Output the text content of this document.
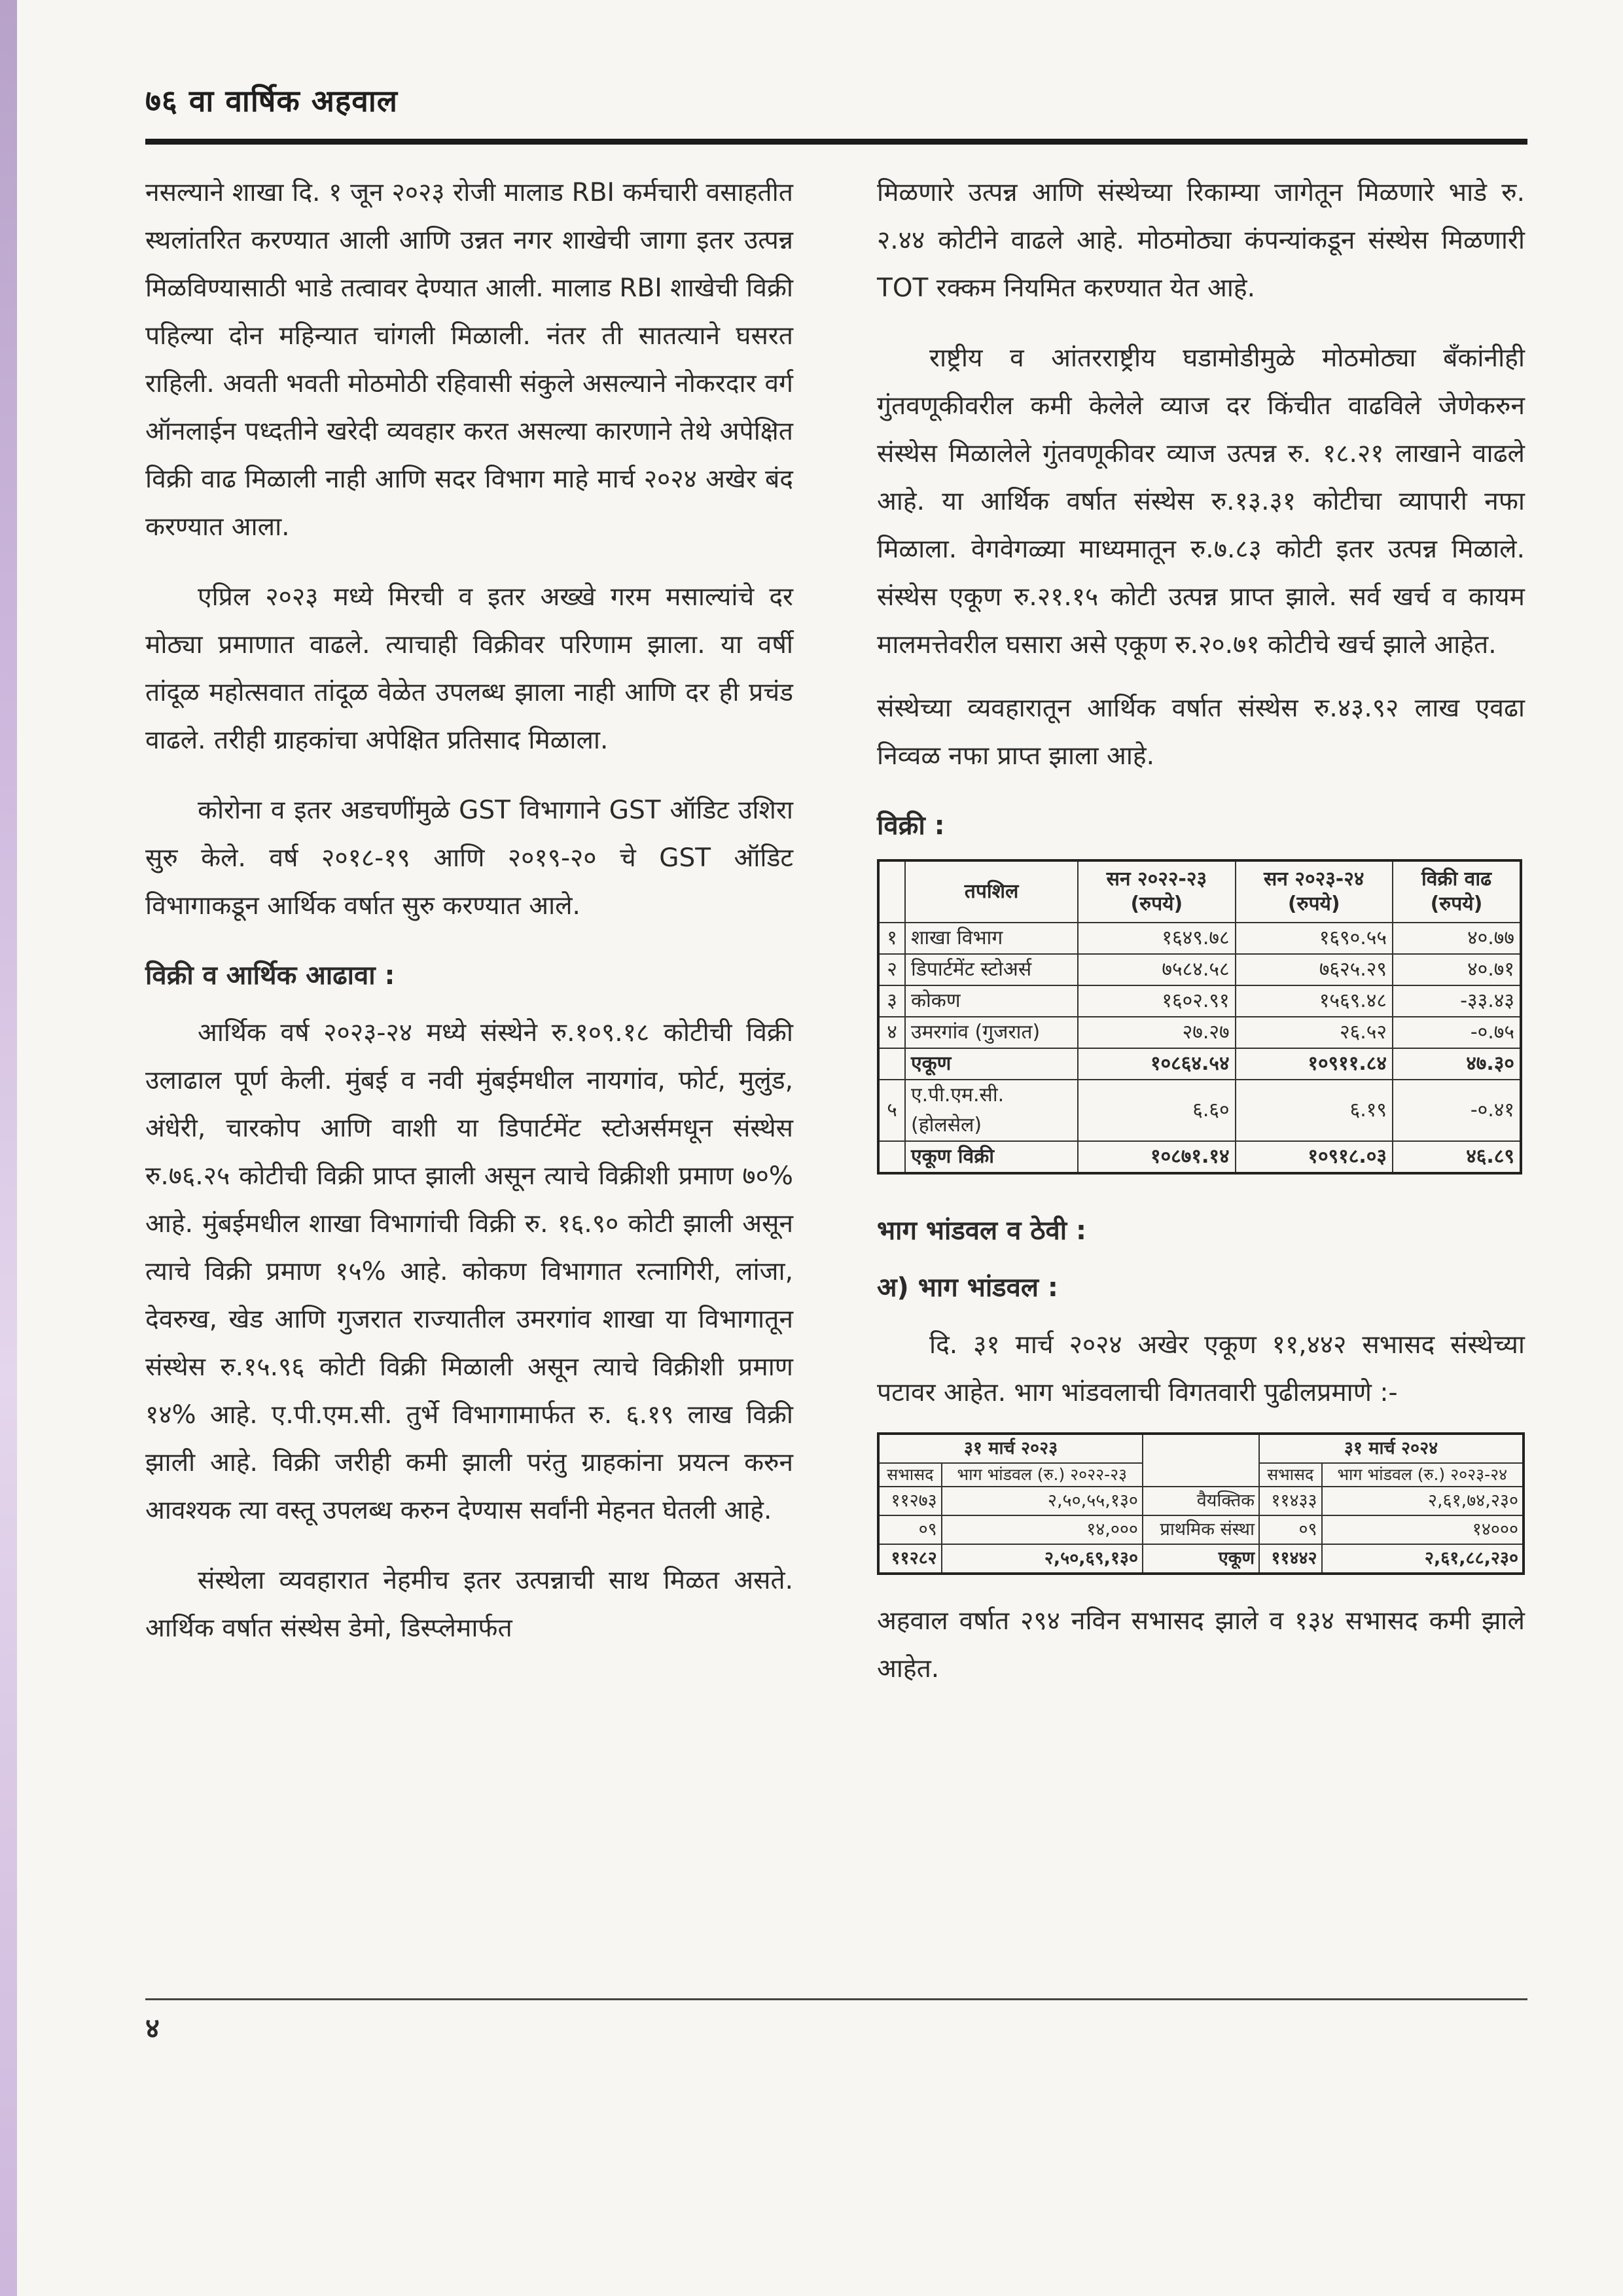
७६ वा वार्षिक अहवाल

नसल्याने शाखा दि. १ जून २०२३ रोजी मालाड RBI कर्मचारी वसाहतीत स्थलांतरित करण्यात आली आणि उन्नत नगर शाखेची जागा इतर उत्पन्न मिळविण्यासाठी भाडे तत्वावर देण्यात आली. मालाड RBI शाखेची विक्री पहिल्या दोन महिन्यात चांगली मिळाली. नंतर ती सातत्याने घसरत राहिली. अवती भवती मोठमोठी रहिवासी संकुले असल्याने नोकरदार वर्ग ऑनलाईन पध्दतीने खरेदी व्यवहार करत असल्या कारणाने तेथे अपेक्षित विक्री वाढ मिळाली नाही आणि सदर विभाग माहे मार्च २०२४ अखेर बंद करण्यात आला.

एप्रिल २०२३ मध्ये मिरची व इतर अख्खे गरम मसाल्यांचे दर मोठ्या प्रमाणात वाढले. त्याचाही विक्रीवर परिणाम झाला. या वर्षी तांदूळ महोत्सवात तांदूळ वेळेत उपलब्ध झाला नाही आणि दर ही प्रचंड वाढले. तरीही ग्राहकांचा अपेक्षित प्रतिसाद मिळाला.

कोरोना व इतर अडचणींमुळे GST विभागाने GST ऑडिट उशिरा सुरु केले. वर्ष २०१८-१९ आणि २०१९-२० चे GST ऑडिट विभागाकडून आर्थिक वर्षात सुरु करण्यात आले.

विक्री व आर्थिक आढावा :

आर्थिक वर्ष २०२३-२४ मध्ये संस्थेने रु.१०९.१८ कोटीची विक्री उलाढाल पूर्ण केली. मुंबई व नवी मुंबईमधील नायगांव, फोर्ट, मुलुंड, अंधेरी, चारकोप आणि वाशी या डिपार्टमेंट स्टोअर्समधून संस्थेस रु.७६.२५ कोटीची विक्री प्राप्त झाली असून त्याचे विक्रीशी प्रमाण ७०% आहे. मुंबईमधील शाखा विभागांची विक्री रु. १६.९० कोटी झाली असून त्याचे विक्री प्रमाण १५% आहे. कोकण विभागात रत्नागिरी, लांजा, देवरुख, खेड आणि गुजरात राज्यातील उमरगांव शाखा या विभागातून संस्थेस रु.१५.९६ कोटी विक्री मिळाली असून त्याचे विक्रीशी प्रमाण १४% आहे. ए.पी.एम.सी. तुर्भे विभागामार्फत रु. ६.१९ लाख विक्री झाली आहे. विक्री जरीही कमी झाली परंतु ग्राहकांना प्रयत्न करुन आवश्यक त्या वस्तू उपलब्ध करुन देण्यास सर्वांनी मेहनत घेतली आहे.

संस्थेला व्यवहारात नेहमीच इतर उत्पन्नाची साथ मिळत असते. आर्थिक वर्षात संस्थेस डेमो, डिस्प्लेमार्फत

मिळणारे उत्पन्न आणि संस्थेच्या रिकाम्या जागेतून मिळणारे भाडे रु. २.४४ कोटीने वाढले आहे. मोठमोठ्या कंपन्यांकडून संस्थेस मिळणारी TOT रक्कम नियमित करण्यात येत आहे.

राष्ट्रीय व आंतरराष्ट्रीय घडामोडीमुळे मोठमोठ्या बँकांनीही गुंतवणूकीवरील कमी केलेले व्याज दर किंचीत वाढविले जेणेकरुन संस्थेस मिळालेले गुंतवणूकीवर व्याज उत्पन्न रु. १८.२१ लाखाने वाढले आहे. या आर्थिक वर्षात संस्थेस रु.१३.३१ कोटीचा व्यापारी नफा मिळाला. वेगवेगळ्या माध्यमातून रु.७.८३ कोटी इतर उत्पन्न मिळाले. संस्थेस एकूण रु.२१.१५ कोटी उत्पन्न प्राप्त झाले. सर्व खर्च व कायम मालमत्तेवरील घसारा असे एकूण रु.२०.७१ कोटीचे खर्च झाले आहेत.

संस्थेच्या व्यवहारातून आर्थिक वर्षात संस्थेस रु.४३.९२ लाख एवढा निव्वळ नफा प्राप्त झाला आहे.

विक्री :
	तपशिल	सन २०२२-२३ (रुपये)	सन २०२३-२४ (रुपये)	विक्री वाढ (रुपये)
१	शाखा विभाग	१६४९.७८	१६९०.५५	४०.७७
२	डिपार्टमेंट स्टोअर्स	७५८४.५८	७६२५.२९	४०.७१
३	कोकण	१६०२.९१	१५६९.४८	-३३.४३
४	उमरगांव (गुजरात)	२७.२७	२६.५२	-०.७५
	एकूण	१०८६४.५४	१०९११.८४	४७.३०
५	ए.पी.एम.सी. (होलसेल)	६.६०	६.१९	-०.४१
	एकूण विक्री	१०८७१.१४	१०९१८.०३	४६.८९
भाग भांडवल व ठेवी :
अ) भाग भांडवल :

दि. ३१ मार्च २०२४ अखेर एकूण ११,४४२ सभासद संस्थेच्या पटावर आहेत. भाग भांडवलाची विगतवारी पुढीलप्रमाणे :-

३१ मार्च २०२३			३१ मार्च २०२४	
सभासद	भाग भांडवल (रु.) २०२२-२३		सभासद	भाग भांडवल (रु.) २०२३-२४
११२७३	२,५०,५५,१३०	वैयक्तिक	११४३३	२,६१,७४,२३०
०९	१४,०००	प्राथमिक संस्था	०९	१४०००
११२८२	२,५०,६९,१३०	एकूण	११४४२	२,६१,८८,२३०

अहवाल वर्षात २९४ नविन सभासद झाले व १३४ सभासद कमी झाले आहेत.

४
